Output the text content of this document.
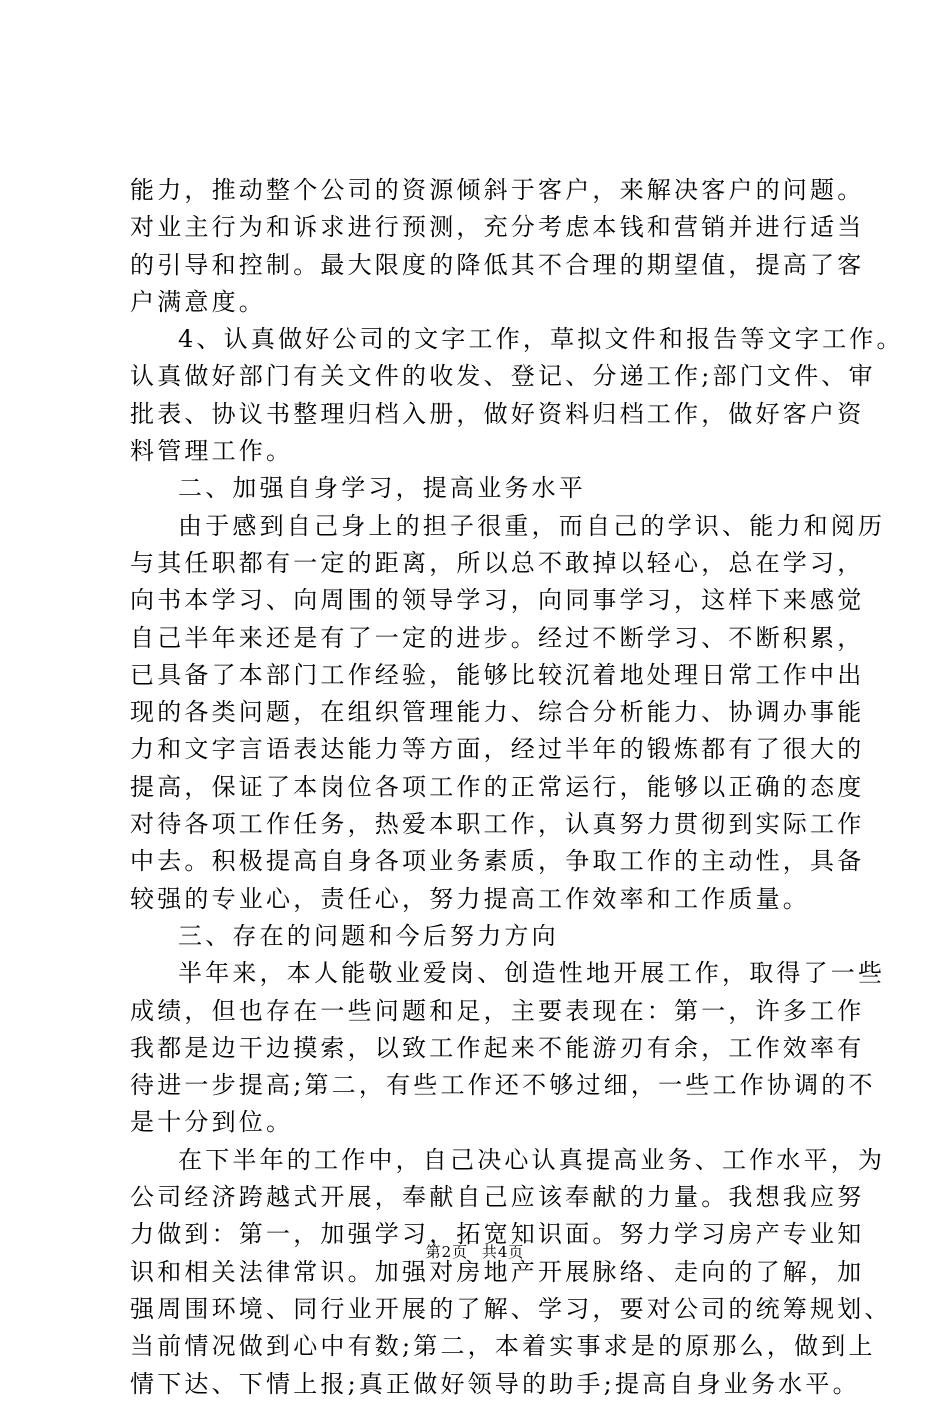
能力，推动整个公司的资源倾斜于客户，来解决客户的问题。
对业主行为和诉求进行预测，充分考虑本钱和营销并进行适当
的引导和控制。最大限度的降低其不合理的期望值，提高了客
户满意度。
4、认真做好公司的文字工作，草拟文件和报告等文字工作。
认真做好部门有关文件的收发、登记、分递工作;部门文件、审
批表、协议书整理归档入册，做好资料归档工作，做好客户资
料管理工作。
二、加强自身学习，提高业务水平
由于感到自己身上的担子很重，而自己的学识、能力和阅历
与其任职都有一定的距离，所以总不敢掉以轻心，总在学习，
向书本学习、向周围的领导学习，向同事学习，这样下来感觉
自己半年来还是有了一定的进步。经过不断学习、不断积累，
已具备了本部门工作经验，能够比较沉着地处理日常工作中出
现的各类问题，在组织管理能力、综合分析能力、协调办事能
力和文字言语表达能力等方面，经过半年的锻炼都有了很大的
提高，保证了本岗位各项工作的正常运行，能够以正确的态度
对待各项工作任务，热爱本职工作，认真努力贯彻到实际工作
中去。积极提高自身各项业务素质，争取工作的主动性，具备
较强的专业心，责任心，努力提高工作效率和工作质量。
三、存在的问题和今后努力方向
半年来，本人能敬业爱岗、创造性地开展工作，取得了一些
成绩，但也存在一些问题和足，主要表现在：第一，许多工作
我都是边干边摸索，以致工作起来不能游刃有余，工作效率有
待进一步提高;第二，有些工作还不够过细，一些工作协调的不
是十分到位。
在下半年的工作中，自己决心认真提高业务、工作水平，为
公司经济跨越式开展，奉献自己应该奉献的力量。我想我应努
力做到：第一，加强学习，拓宽知识面。努力学习房产专业知
识和相关法律常识。加强对房地产开展脉络、走向的了解，加
强周围环境、同行业开展的了解、学习，要对公司的统筹规划、
当前情况做到心中有数;第二，本着实事求是的原那么，做到上
情下达、下情上报;真正做好领导的助手;提高自身业务水平。
第2页 共4页
